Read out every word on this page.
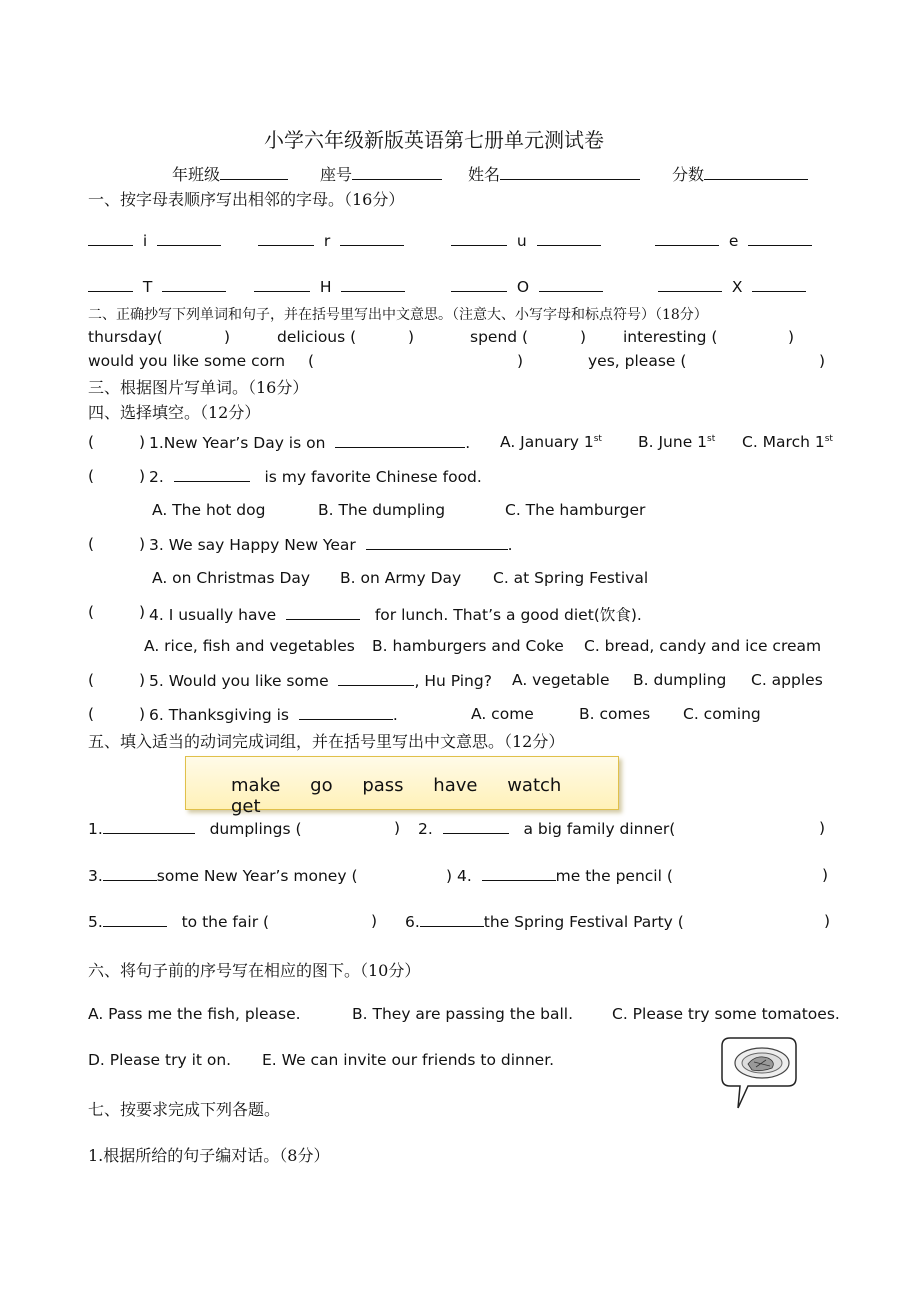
小学六年级新版英语第七册单元测试卷
年班级	座号	姓名	分数
一、按字母表顺序写出相邻的字母。（16分）
i	r	u	e
T	H	O	X
二、正确抄写下列单词和句子，并在括号里写出中文意思。（注意大、小写字母和标点符号）（18分）
thursday(	)	delicious (	)	spend (	) interesting (	)
would you like some corn (	)	yes, please (	)
三、根据图片写单词。（16分）
四、选择填空。（12分）
(	) 1.New Year’s Day is on	. A. January 1st B. June 1st C. March 1st
(	) 2.	is my favorite Chinese food.
A. The hot dog	B. The dumpling	C. The hamburger
(	) 3. We say Happy New Year	.
A. on Christmas Day B. on Army Day C. at Spring Festival
(	) 4. I usually have	for lunch. That’s a good diet(饮食).
A. rice, fish and vegetables B. hamburgers and Coke C. bread, candy and ice cream
(	) 5. Would you like some	, Hu Ping? A. vegetable B. dumpling C. apples
(	) 6. Thanksgiving is	.	A. come	B. comes C. coming
五、填入适当的动词完成词组，并在括号里写出中文意思。（12分）
make go pass have watch get
1.	dumplings (	) 2.	a big family dinner(	)
3.	some New Year’s money (	) 4.	me the pencil (	)
5.	to the fair (	) 6.	the Spring Festival Party (	)
六、将句子前的序号写在相应的图下。（10分）
A. Pass me the fish, please.	B. They are passing the ball.	C. Please try some tomatoes.
D. Please try it on. E. We can invite our friends to dinner.
七、按要求完成下列各题。
1.根据所给的句子编对话。（8分）
